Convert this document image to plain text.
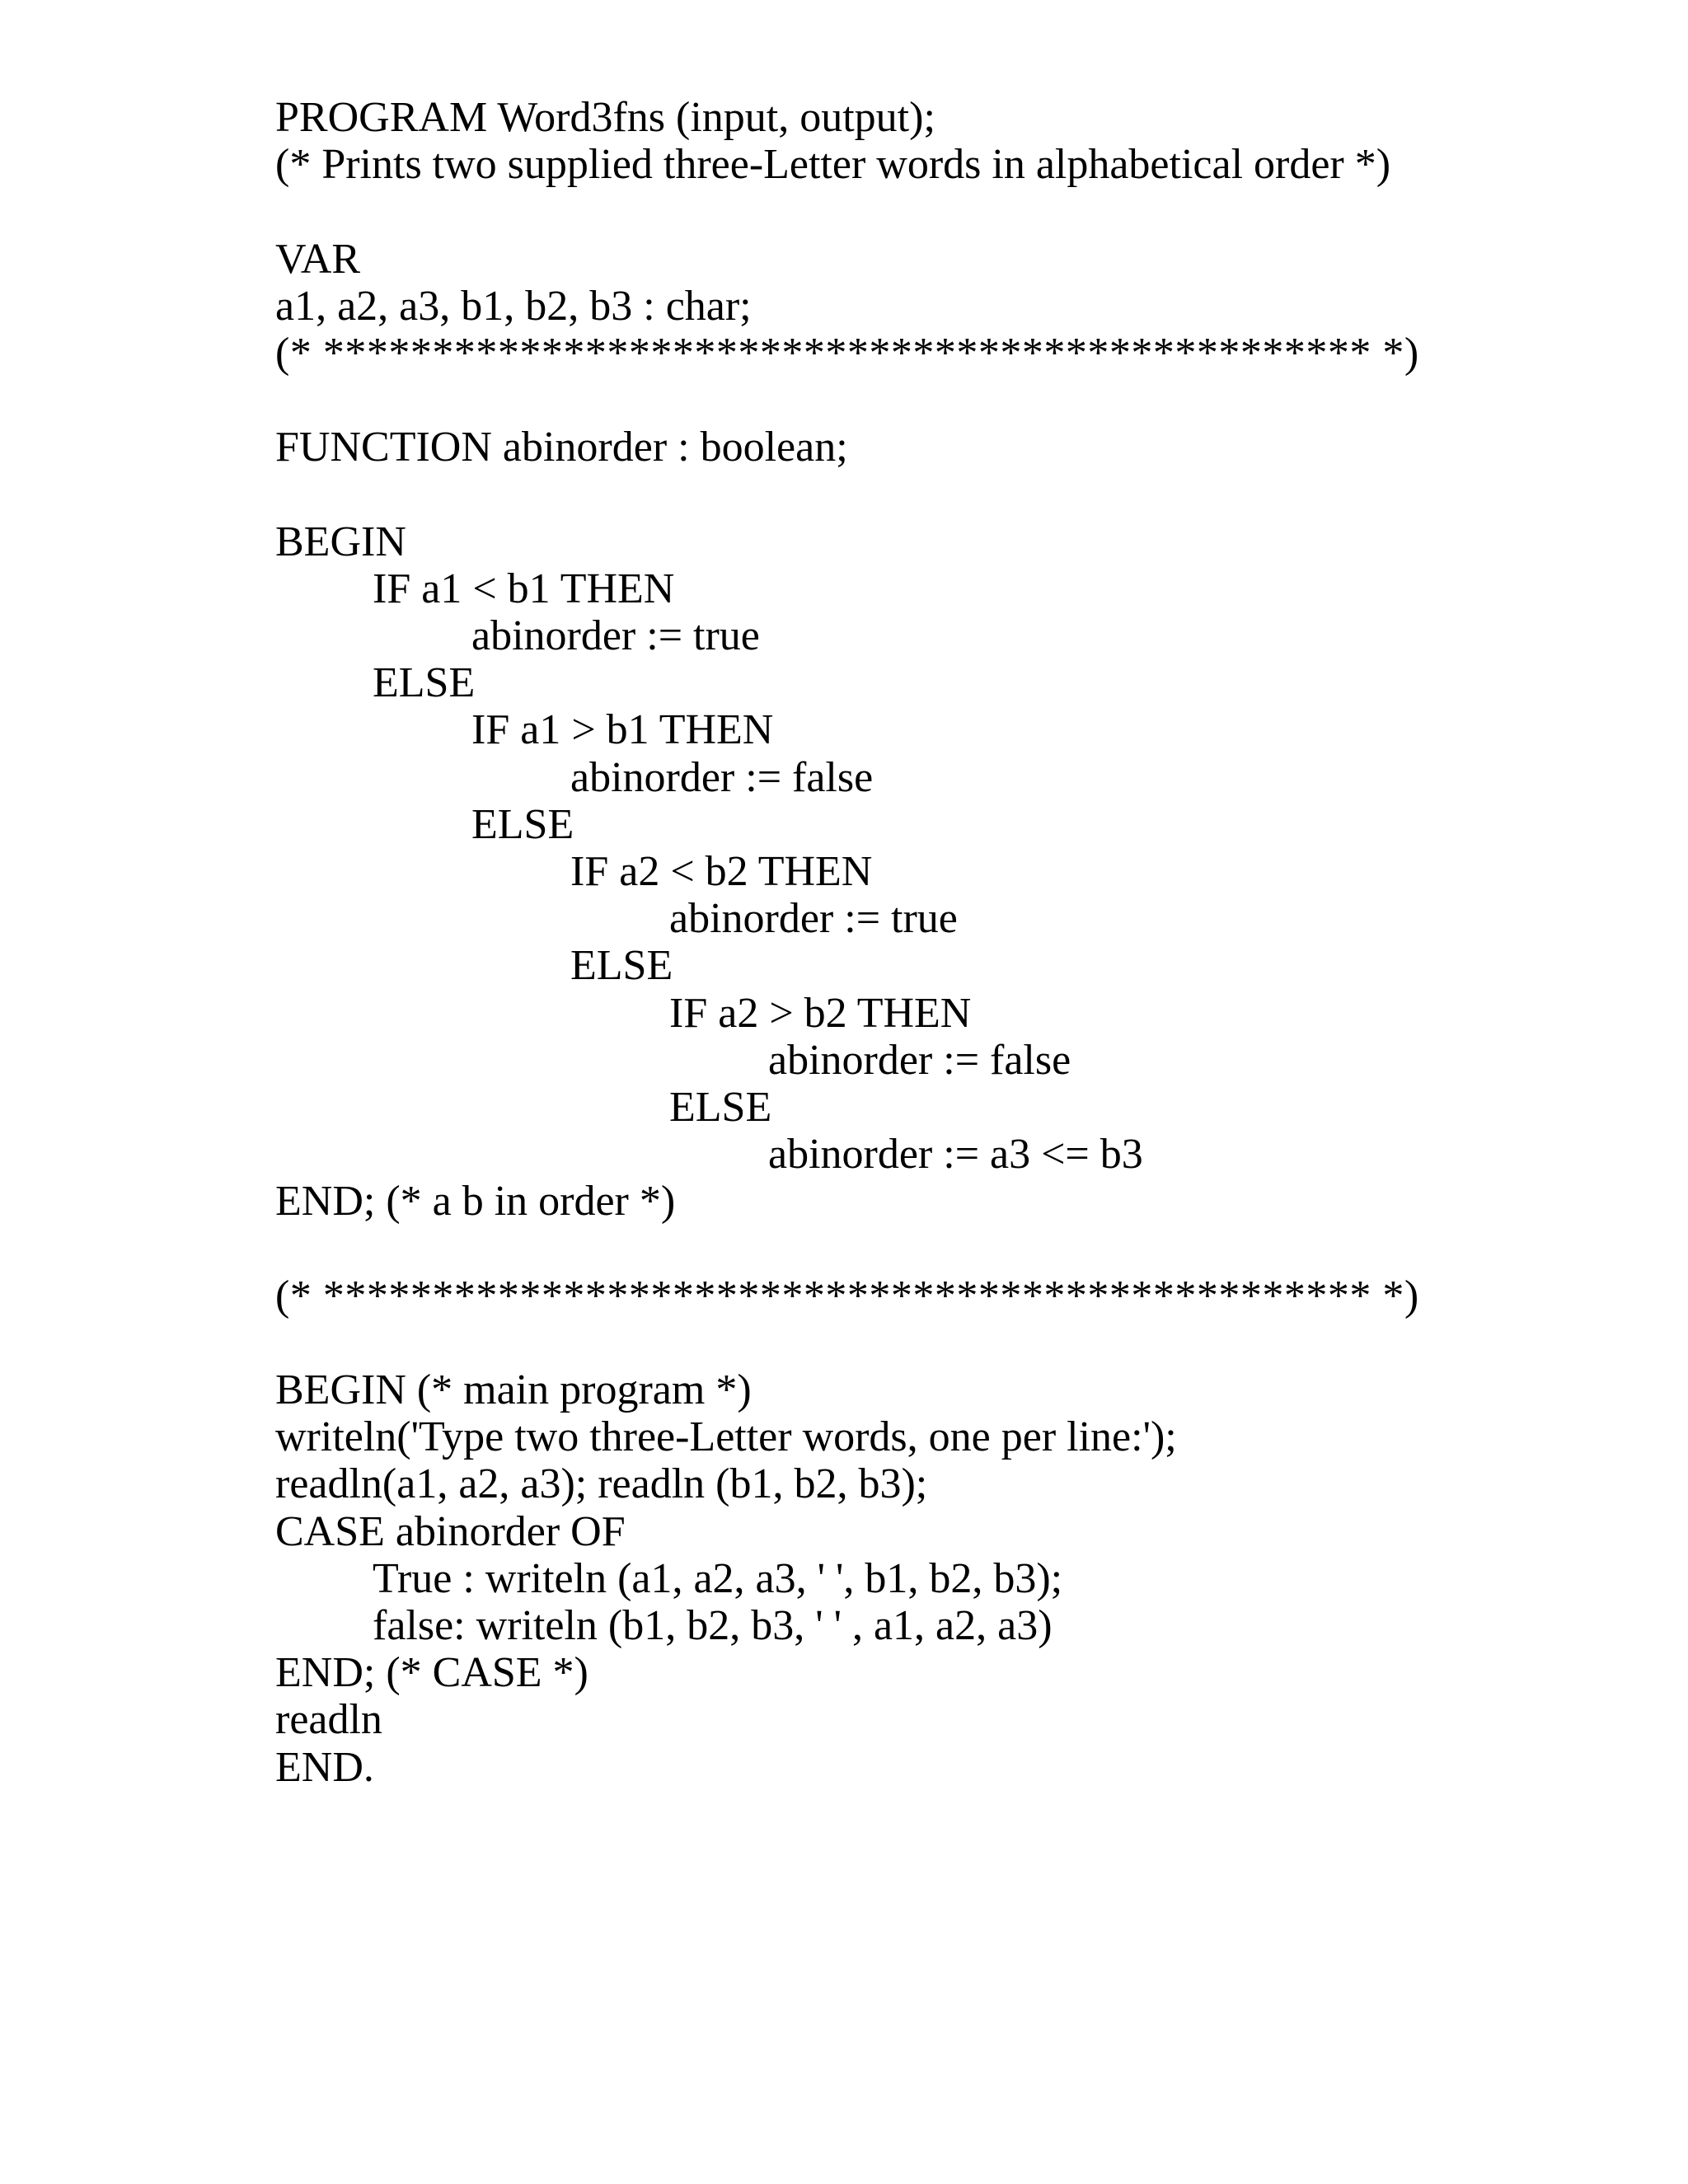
PROGRAM Word3fns (input, output);
(* Prints two supplied three-Letter words in alphabetical order *)
VAR
a1, a2, a3, b1, b2, b3 : char;
(* ************************************************ *)
FUNCTION abinorder : boolean;
BEGIN
IF a1 < b1 THEN
abinorder := true
ELSE
IF a1 > b1 THEN
abinorder := false
ELSE
IF a2 < b2 THEN
abinorder := true
ELSE
IF a2 > b2 THEN
abinorder := false
ELSE
abinorder := a3 <= b3
END; (* a b in order *)
(* ************************************************ *)
BEGIN (* main program *)
writeln('Type two three-Letter words, one per line:');
readln(a1, a2, a3); readln (b1, b2, b3);
CASE abinorder OF
True : writeln (a1, a2, a3, ' ', b1, b2, b3);
false: writeln (b1, b2, b3, ' ' , a1, a2, a3)
END; (* CASE *)
readln
END.
